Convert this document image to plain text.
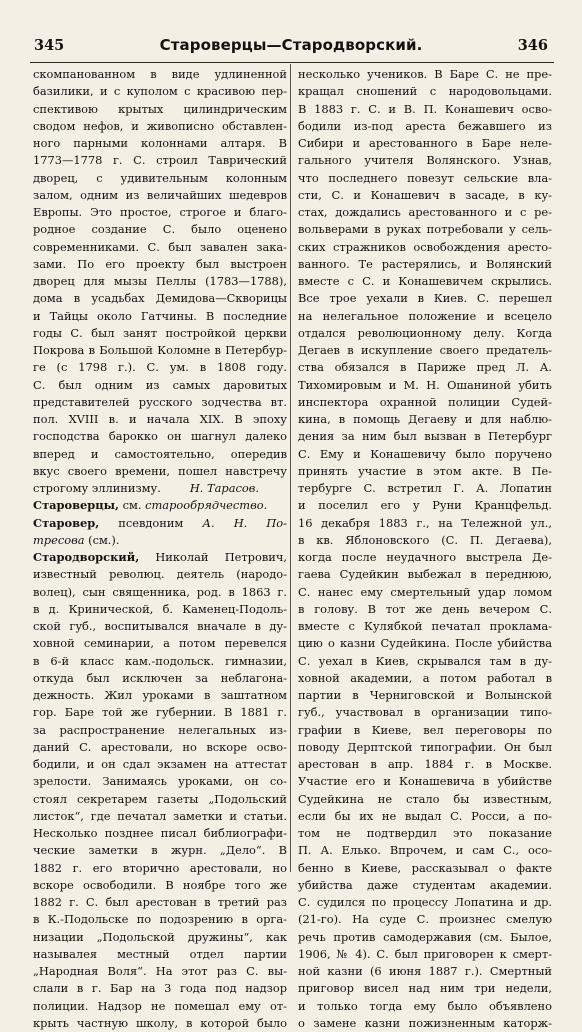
345	Староверцы—Стародворский.	346
скомпанованном в виде удлиненной
базилики, и с куполом с красивою пер-
спективою крытых цилиндрическим
сводом нефов, и живописно обставлен-
ного парными колоннами алтаря. В
1773—1778 г. С. строил Таврический
дворец, с удивительным колонным
залом, одним из величайших шедевров
Европы. Это простое, строгое и благо-
родное создание С. было оценено
современниками. С. был завален зака-
зами. По его проекту был выстроен
дворец для мызы Пеллы (1783—1788),
дома в усадьбах Демидова—Скворицы
и Тайцы около Гатчины. В последние
годы С. был занят постройкой церкви
Покрова в Большой Коломне в Петербур-
ге (с 1798 г.). С. ум. в 1808 году.
С. был одним из самых даровитых
представителей русского зодчества вт.
пол. XVIII в. и начала XIX. В эпоху
господства барокко он шагнул далеко
вперед и самостоятельно, опередив
вкус своего времени, пошел навстречу
строгому эллинизму.	Н. Тарасов.
Староверцы, см. старообрядчество.
Старовер, псевдоним А. Н. По-
тресова (см.).
Стародворский, Николай Петрович,
известный революц. деятель (народо-
волец), сын священника, род. в 1863 г.
в д. Кринической, б. Каменец-Подоль-
ской губ., воспитывался вначале в ду-
ховной семинарии, а потом перевелся
в 6-й класс кам.-подольск. гимназии,
откуда был исключен за неблагона-
дежность. Жил уроками в заштатном
гор. Баре той же губернии. В 1881 г.
за распространение нелегальных из-
даний С. арестовали, но вскоре осво-
бодили, и он сдал экзамен на аттестат
зрелости. Занимаясь уроками, он со-
стоял секретарем газеты „Подольский
листок“, где печатал заметки и статьи.
Несколько позднее писал библиографи-
ческие заметки в журн. „Дело“. В
1882 г. его вторично арестовали, но
вскоре освободили. В ноябре того же
1882 г. С. был арестован в третий раз
в К.-Подольске по подозрению в орга-
низации „Подольской дружины“, как
называлея местный отдел партии
„Народная Воля“. На этот раз С. вы-
слали в г. Бар на 3 года под надзор
полиции. Надзор не помешал ему от-
крыть частную школу, в которой было
несколько учеников. В Баре С. не пре-
кращал сношений с народовольцами.
В 1883 г. С. и В. П. Конашевич осво-
бодили из-под ареста бежавшего из
Сибири и арестованного в Баре неле-
гального учителя Волянского. Узнав,
что последнего повезут сельские вла-
сти, С. и Конашевич в засаде, в ку-
стах, дождались арестованного и с ре-
вольверами в руках потребовали у сель-
ских стражников освобождения аресто-
ванного. Те растерялись, и Волянский
вместе с С. и Конашевичем скрылись.
Все трое уехали в Киев. С. перешел
на нелегальное положение и всецело
отдался революционному делу. Когда
Дегаев в искупление своего предатель-
ства обязался в Париже пред Л. А.
Тихомировым и М. Н. Ошаниной убить
инспектора охранной полиции Судей-
кина, в помощь Дегаеву и для наблю-
дения за ним был вызван в Петербург
С. Ему и Конашевичу было поручено
принять участие в этом акте. В Пе-
тербурге С. встретил Г. А. Лопатин
и поселил его у Руни Кранцфельд.
16 декабря 1883 г., на Тележной ул.,
в кв. Яблоновского (С. П. Дегаева),
когда после неудачного выстрела Де-
гаева Судейкин выбежал в переднюю,
С. нанес ему смертельный удар ломом
в голову. В тот же день вечером С.
вместе с Кулябкой печатал проклама-
цию о казни Судейкина. После убийства
С. уехал в Киев, скрывался там в ду-
ховной академии, а потом работал в
партии в Черниговской и Волынской
губ., участвовал в организации типо-
графии в Киеве, вел переговоры по
поводу Дерптской типографии. Он был
арестован в апр. 1884 г. в Москве.
Участие его и Конашевича в убийстве
Судейкина не стало бы известным,
если бы их не выдал С. Росси, а по-
том не подтвердил это показание
П. А. Елько. Впрочем, и сам С., осо-
бенно в Киеве, рассказывал о факте
убийства даже студентам академии.
С. судился по процессу Лопатина и др.
(21-го). На суде С. произнес смелую
речь против самодержавия (см. Былое,
1906, № 4). С. был приговорен к смерт-
ной казни (6 июня 1887 г.). Смертный
приговор висел над ним три недели,
и только тогда ему было объявлено
о замене казни пожизненным каторж-
